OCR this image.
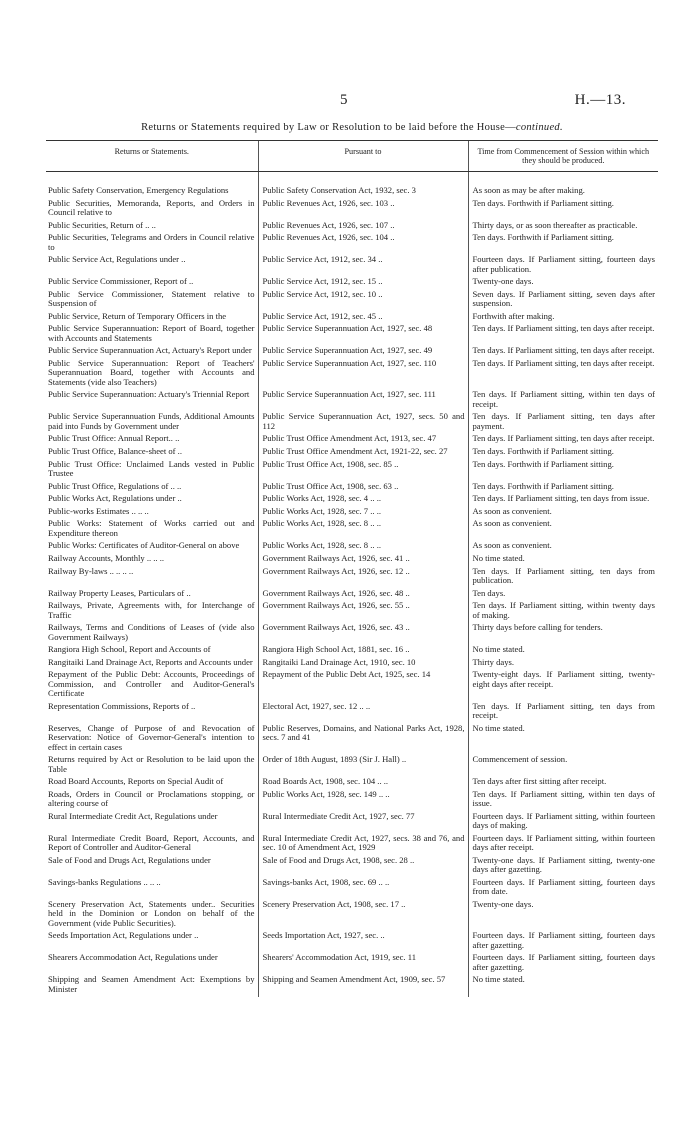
5	H.—13.
Returns or Statements required by Law or Resolution to be laid before the House—continued.
Returns or Statements.	Pursuant to	Time from Commencement of Session within which they should be produced.
Public Safety Conservation, Emergency Regulations	Public Safety Conservation Act, 1932, sec. 3	As soon as may be after making.
Public Securities, Memoranda, Reports, and Orders in Council relative to	Public Revenues Act, 1926, sec. 103 ..	Ten days. Forthwith if Parliament sitting.
Public Securities, Return of .. ..	Public Revenues Act, 1926, sec. 107 ..	Thirty days, or as soon thereafter as practicable.
Public Securities, Telegrams and Orders in Council relative to	Public Revenues Act, 1926, sec. 104 ..	Ten days. Forthwith if Parliament sitting.
Public Service Act, Regulations under ..	Public Service Act, 1912, sec. 34 ..	Fourteen days. If Parliament sitting, fourteen days after publication.
Public Service Commissioner, Report of ..	Public Service Act, 1912, sec. 15 ..	Twenty-one days.
Public Service Commissioner, Statement relative to Suspension of	Public Service Act, 1912, sec. 10 ..	Seven days. If Parliament sitting, seven days after suspension.
Public Service, Return of Temporary Officers in the	Public Service Act, 1912, sec. 45 ..	Forthwith after making.
Public Service Superannuation: Report of Board, together with Accounts and Statements	Public Service Superannuation Act, 1927, sec. 48	Ten days. If Parliament sitting, ten days after receipt.
Public Service Superannuation Act, Actuary's Report under	Public Service Superannuation Act, 1927, sec. 49	Ten days. If Parliament sitting, ten days after receipt.
Public Service Superannuation: Report of Teachers' Superannuation Board, together with Accounts and Statements (vide also Teachers)	Public Service Superannuation Act, 1927, sec. 110	Ten days. If Parliament sitting, ten days after receipt.
Public Service Superannuation: Actuary's Triennial Report	Public Service Superannuation Act, 1927, sec. 111	Ten days. If Parliament sitting, within ten days of receipt.
Public Service Superannuation Funds, Additional Amounts paid into Funds by Government under	Public Service Superannuation Act, 1927, secs. 50 and 112	Ten days. If Parliament sitting, ten days after payment.
Public Trust Office: Annual Report.. ..	Public Trust Office Amendment Act, 1913, sec. 47	Ten days. If Parliament sitting, ten days after receipt.
Public Trust Office, Balance-sheet of ..	Public Trust Office Amendment Act, 1921-22, sec. 27	Ten days. Forthwith if Parliament sitting.
Public Trust Office: Unclaimed Lands vested in Public Trustee	Public Trust Office Act, 1908, sec. 85 ..	Ten days. Forthwith if Parliament sitting.
Public Trust Office, Regulations of .. ..	Public Trust Office Act, 1908, sec. 63 ..	Ten days. Forthwith if Parliament sitting.
Public Works Act, Regulations under ..	Public Works Act, 1928, sec. 4 .. ..	Ten days. If Parliament sitting, ten days from issue.
Public-works Estimates .. .. ..	Public Works Act, 1928, sec. 7 .. ..	As soon as convenient.
Public Works: Statement of Works carried out and Expenditure thereon	Public Works Act, 1928, sec. 8 .. ..	As soon as convenient.
Public Works: Certificates of Auditor-General on above	Public Works Act, 1928, sec. 8 .. ..	As soon as convenient.
Railway Accounts, Monthly .. .. ..	Government Railways Act, 1926, sec. 41 ..	No time stated.
Railway By-laws .. .. .. ..	Government Railways Act, 1926, sec. 12 ..	Ten days. If Parliament sitting, ten days from publication.
Railway Property Leases, Particulars of ..	Government Railways Act, 1926, sec. 48 ..	Ten days.
Railways, Private, Agreements with, for Interchange of Traffic	Government Railways Act, 1926, sec. 55 ..	Ten days. If Parliament sitting, within twenty days of making.
Railways, Terms and Conditions of Leases of (vide also Government Railways)	Government Railways Act, 1926, sec. 43 ..	Thirty days before calling for tenders.
Rangiora High School, Report and Accounts of	Rangiora High School Act, 1881, sec. 16 ..	No time stated.
Rangitaiki Land Drainage Act, Reports and Accounts under	Rangitaiki Land Drainage Act, 1910, sec. 10	Thirty days.
Repayment of the Public Debt: Accounts, Proceedings of Commission, and Controller and Auditor-General's Certificate	Repayment of the Public Debt Act, 1925, sec. 14	Twenty-eight days. If Parliament sitting, twenty-eight days after receipt.
Representation Commissions, Reports of ..	Electoral Act, 1927, sec. 12 .. ..	Ten days. If Parliament sitting, ten days from receipt.
Reserves, Change of Purpose of and Revocation of Reservation: Notice of Governor-General's intention to effect in certain cases	Public Reserves, Domains, and National Parks Act, 1928, secs. 7 and 41	No time stated.
Returns required by Act or Resolution to be laid upon the Table	Order of 18th August, 1893 (Sir J. Hall) ..	Commencement of session.
Road Board Accounts, Reports on Special Audit of	Road Boards Act, 1908, sec. 104 .. ..	Ten days after first sitting after receipt.
Roads, Orders in Council or Proclamations stopping, or altering course of	Public Works Act, 1928, sec. 149 .. ..	Ten days. If Parliament sitting, within ten days of issue.
Rural Intermediate Credit Act, Regulations under	Rural Intermediate Credit Act, 1927, sec. 77	Fourteen days. If Parliament sitting, within fourteen days of making.
Rural Intermediate Credit Board, Report, Accounts, and Report of Controller and Auditor-General	Rural Intermediate Credit Act, 1927, secs. 38 and 76, and sec. 10 of Amendment Act, 1929	Fourteen days. If Parliament sitting, within fourteen days after receipt.
Sale of Food and Drugs Act, Regulations under	Sale of Food and Drugs Act, 1908, sec. 28 ..	Twenty-one days. If Parliament sitting, twenty-one days after gazetting.
Savings-banks Regulations .. .. ..	Savings-banks Act, 1908, sec. 69 .. ..	Fourteen days. If Parliament sitting, fourteen days from date.
Scenery Preservation Act, Statements under.. Securities held in the Dominion or London on behalf of the Government (vide Public Securities).	Scenery Preservation Act, 1908, sec. 17 ..	Twenty-one days.
Seeds Importation Act, Regulations under ..	Seeds Importation Act, 1927, sec. ..	Fourteen days. If Parliament sitting, fourteen days after gazetting.
Shearers Accommodation Act, Regulations under	Shearers' Accommodation Act, 1919, sec. 11	Fourteen days. If Parliament sitting, fourteen days after gazetting.
Shipping and Seamen Amendment Act: Exemptions by Minister	Shipping and Seamen Amendment Act, 1909, sec. 57	No time stated.
